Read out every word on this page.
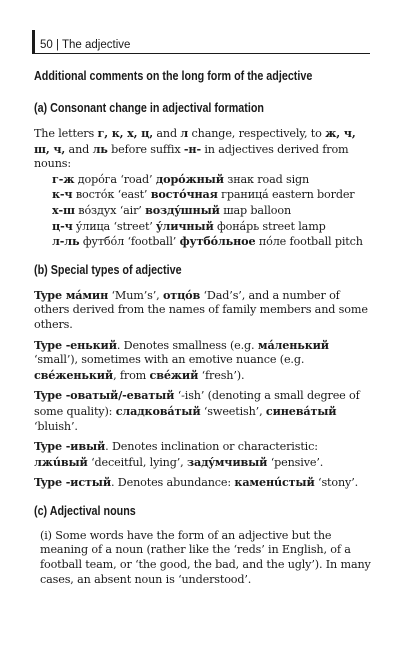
50 | The adjective
Additional comments on the long form of the adjective
(a) Consonant change in adjectival formation

The letters г, к, х, ц, and л change, respectively, to ж, ч, ш, ч, and ль before suffix -н- in adjectives derived from nouns:

г-ж дорóга ‘road’ дорóжный знак road sign
к-ч востóк ‘east’ востóчная границá eastern border
х-ш вóздух ‘air’ воздýшный шар balloon
ц-ч ýлица ‘street’ ýличный фонáрь street lamp
л-ль футбóл ‘football’ футбóльное пóле football pitch
(b) Special types of adjective

Type мáмин ‘Mum’s’, отцóв ‘Dad’s’, and a number of others derived from the names of family members and some others.

Type -енький. Denotes smallness (e.g. мáленький ‘small’), sometimes with an emotive nuance (e.g. свéженький, from свéжий ‘fresh’).

Type -оватый/-еватый ‘-ish’ (denoting a small degree of some quality): сладковáтый ‘sweetish’, синевáтый ‘bluish’.

Type -ивый. Denotes inclination or characteristic: лжúвый ‘deceitful, lying’, задýмчивый ‘pensive’.

Type -истый. Denotes abundance: каменúстый ‘stony’.

(c) Adjectival nouns

(i) Some words have the form of an adjective but the meaning of a noun (rather like the ‘reds’ in English, of a football team, or ‘the good, the bad, and the ugly’). In many cases, an absent noun is ‘understood’.
